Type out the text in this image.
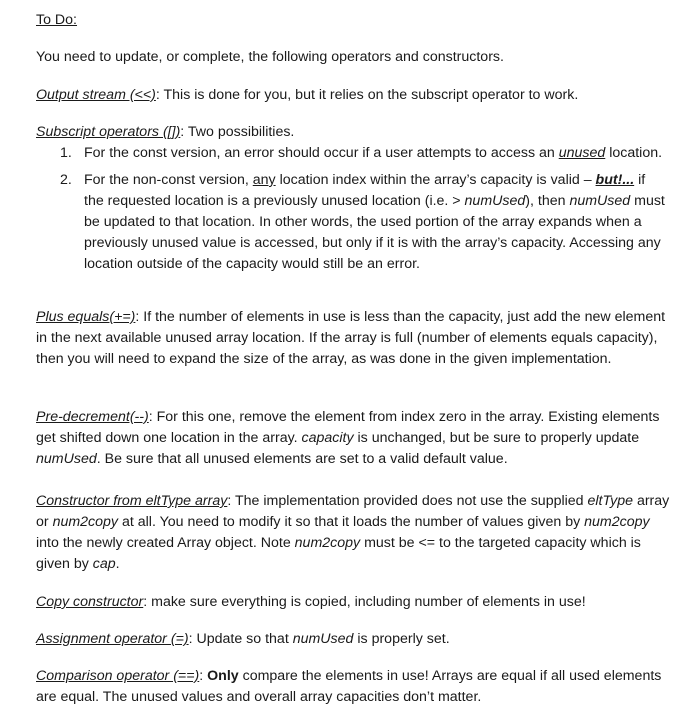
To Do:

You need to update, or complete, the following operators and constructors.

Output stream (<<): This is done for you, but it relies on the subscript operator to work.

Subscript operators ([]): Two possibilities.

1. For the const version, an error should occur if a user attempts to access an unused location.
2. For the non-const version, any location index within the array’s capacity is valid – but!... if the requested location is a previously unused location (i.e. > numUsed), then numUsed must be updated to that location. In other words, the used portion of the array expands when a previously unused value is accessed, but only if it is with the array’s capacity. Accessing any location outside of the capacity would still be an error.

Plus equals(+=): If the number of elements in use is less than the capacity, just add the new element in the next available unused array location. If the array is full (number of elements equals capacity), then you will need to expand the size of the array, as was done in the given implementation.

Pre-decrement(--): For this one, remove the element from index zero in the array. Existing elements get shifted down one location in the array. capacity is unchanged, but be sure to properly update numUsed. Be sure that all unused elements are set to a valid default value.

Constructor from eltType array: The implementation provided does not use the supplied eltType array or num2copy at all. You need to modify it so that it loads the number of values given by num2copy into the newly created Array object. Note num2copy must be <= to the targeted capacity which is given by cap.

Copy constructor: make sure everything is copied, including number of elements in use!

Assignment operator (=): Update so that numUsed is properly set.

Comparison operator (==): Only compare the elements in use! Arrays are equal if all used elements are equal. The unused values and overall array capacities don’t matter.
